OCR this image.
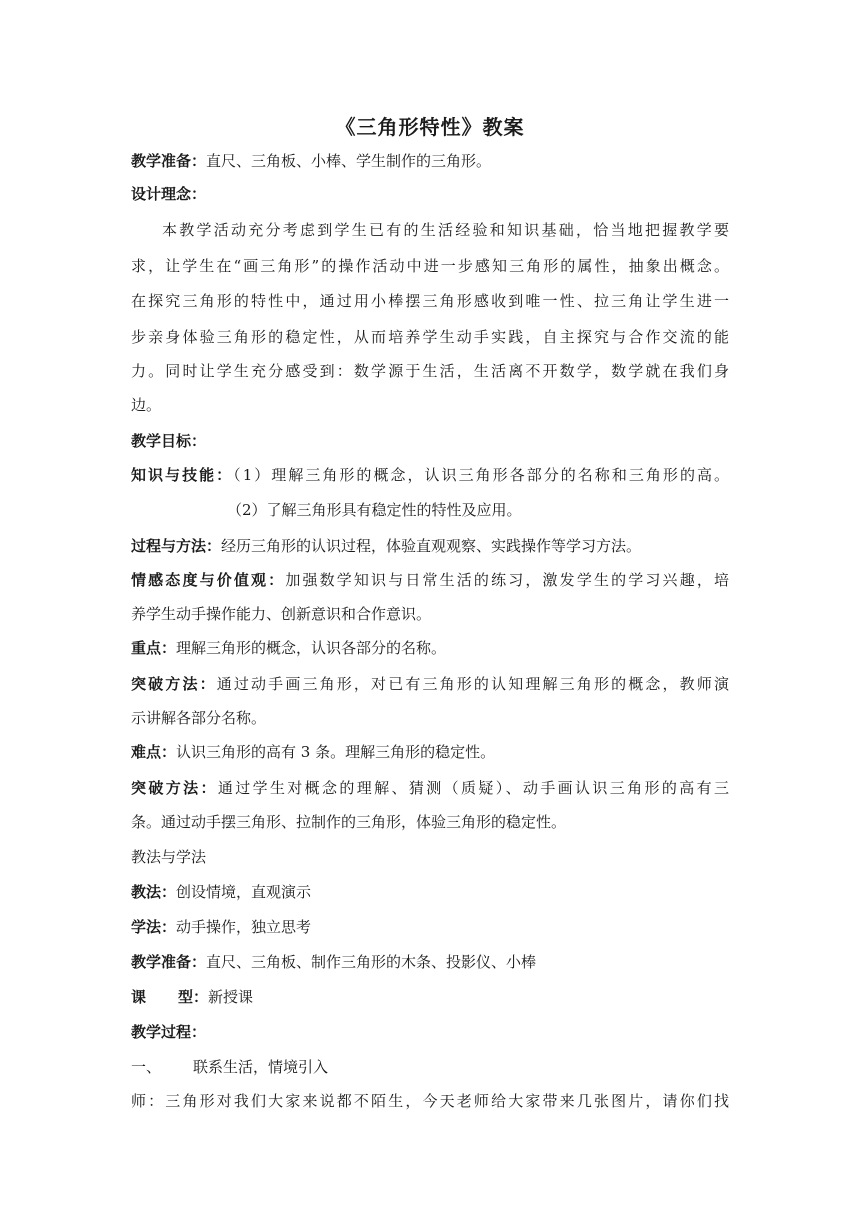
《三角形特性》教案
教学准备：直尺、三角板、小棒、学生制作的三角形。
设计理念：
本教学活动充分考虑到学生已有的生活经验和知识基础，恰当地把握教学要
求，让学生在“画三角形”的操作活动中进一步感知三角形的属性，抽象出概念。
在探究三角形的特性中，通过用小棒摆三角形感收到唯一性、拉三角让学生进一
步亲身体验三角形的稳定性，从而培养学生动手实践，自主探究与合作交流的能
力。同时让学生充分感受到：数学源于生活，生活离不开数学，数学就在我们身
边。
教学目标：
知识与技能：（1）理解三角形的概念，认识三角形各部分的名称和三角形的高。
（2）了解三角形具有稳定性的特性及应用。
过程与方法：经历三角形的认识过程，体验直观观察、实践操作等学习方法。
情感态度与价值观：加强数学知识与日常生活的练习，激发学生的学习兴趣，培
养学生动手操作能力、创新意识和合作意识。
重点：理解三角形的概念，认识各部分的名称。
突破方法：通过动手画三角形，对已有三角形的认知理解三角形的概念，教师演
示讲解各部分名称。
难点：认识三角形的高有 3 条。理解三角形的稳定性。
突破方法：通过学生对概念的理解、猜测（质疑）、动手画认识三角形的高有三
条。通过动手摆三角形、拉制作的三角形，体验三角形的稳定性。
教法与学法
教法：创设情境，直观演示
学法：动手操作，独立思考
教学准备：直尺、三角板、制作三角形的木条、投影仪、小棒
课 型：新授课
教学过程：
一、 联系生活，情境引入
师：三角形对我们大家来说都不陌生，今天老师给大家带来几张图片，请你们找
